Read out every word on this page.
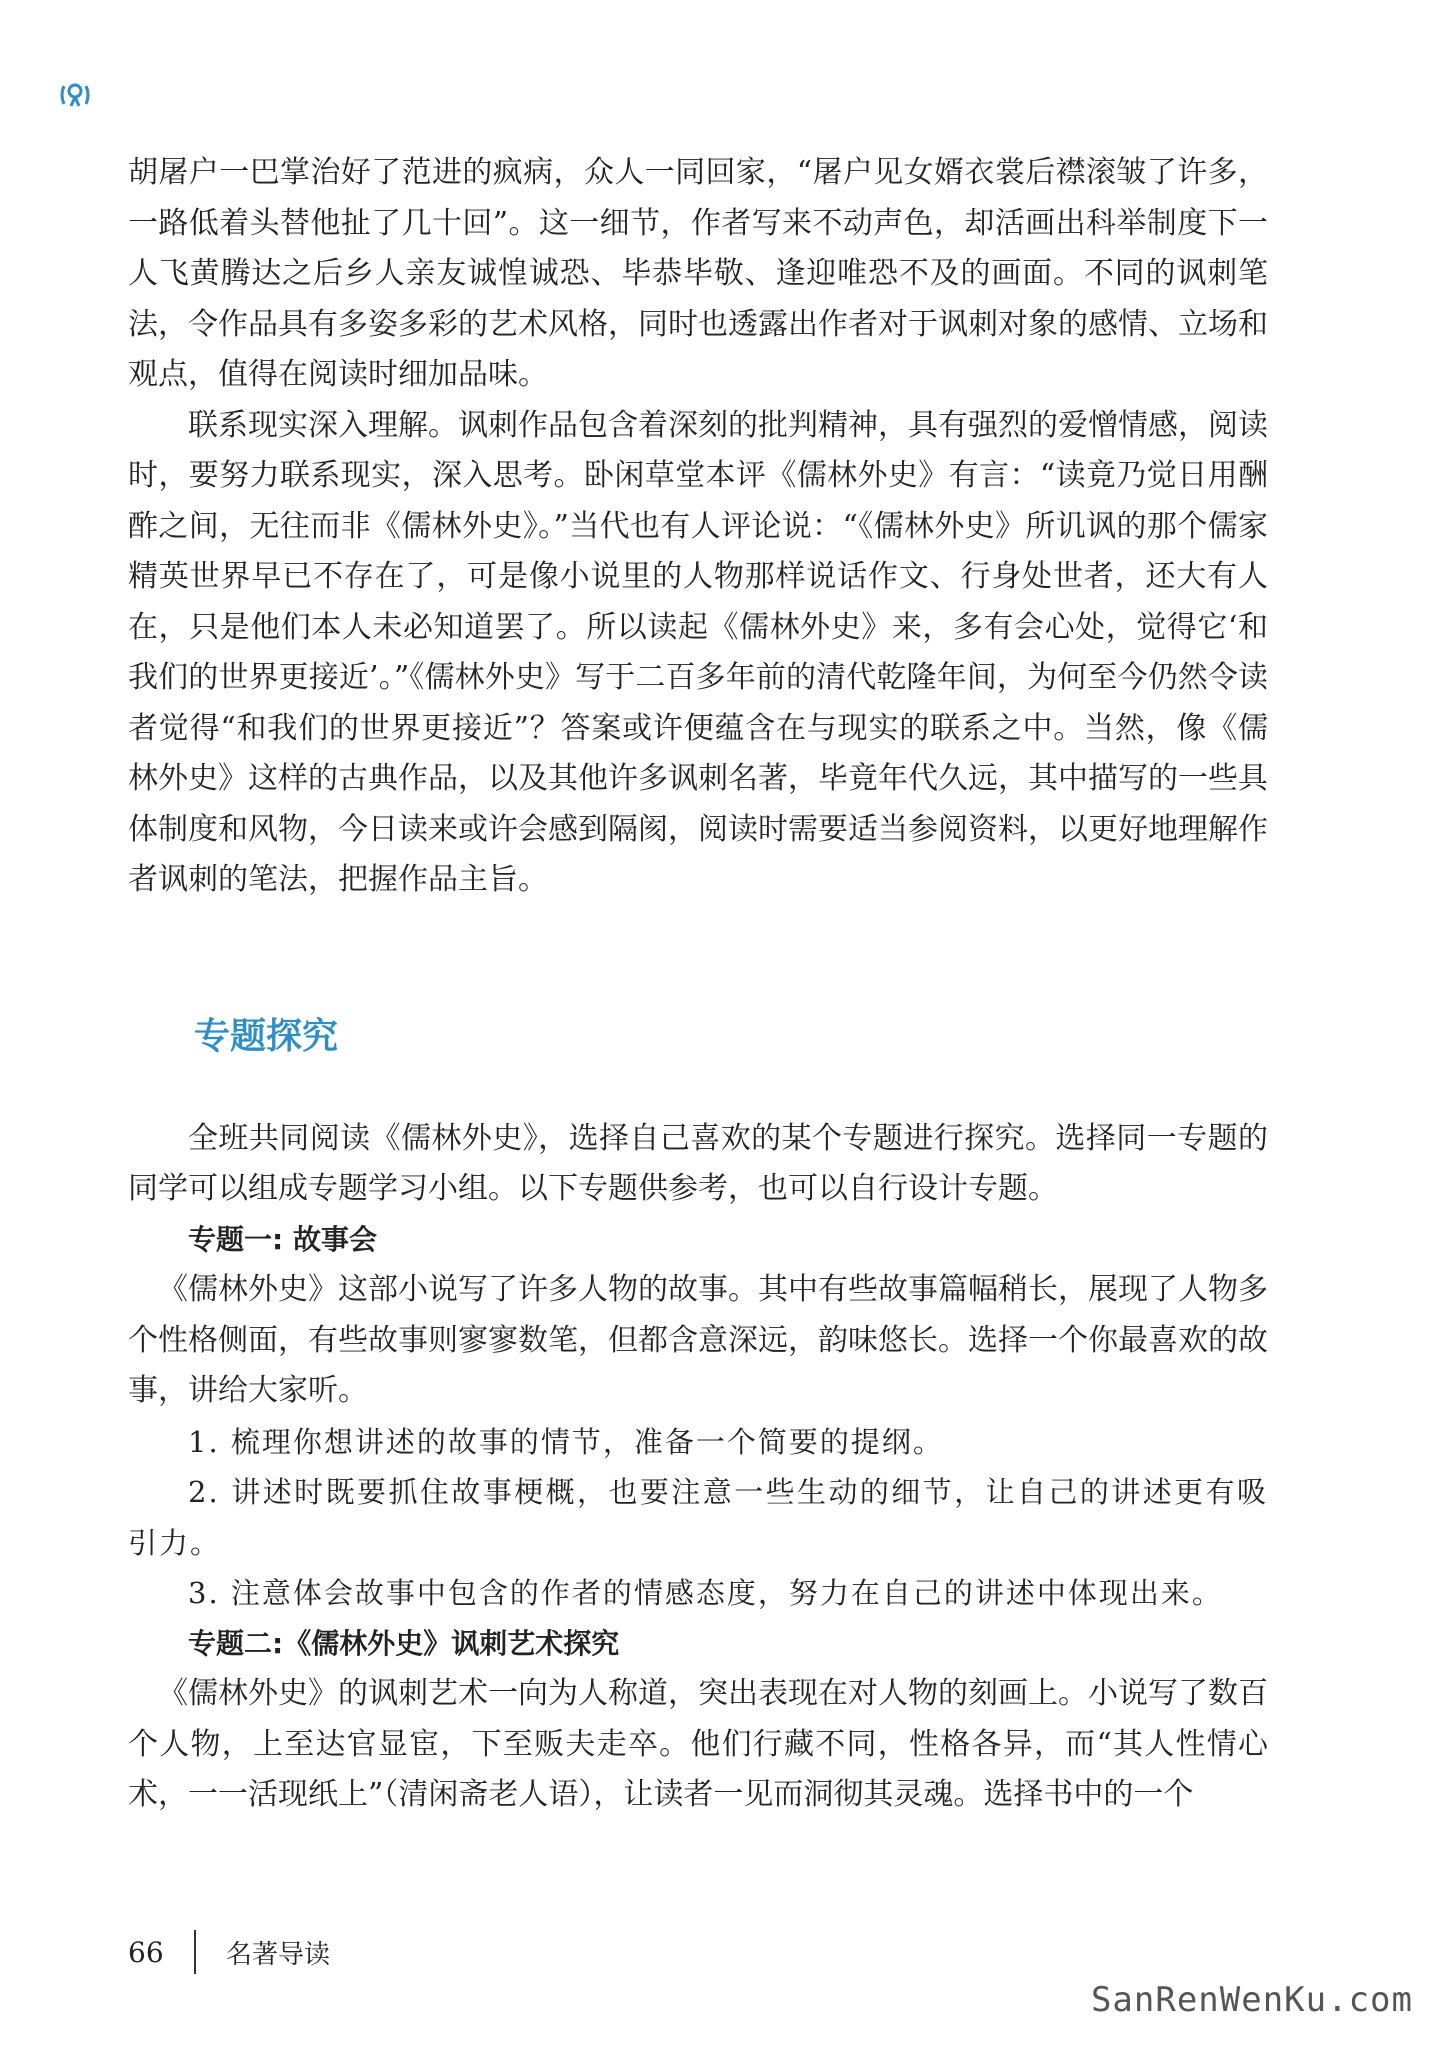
胡屠户一巴掌治好了范进的疯病，众人一同回家，“屠户见女婿衣裳后襟滚皱了许多，一路低着头替他扯了几十回”。这一细节，作者写来不动声色，却活画出科举制度下一人飞黄腾达之后乡人亲友诚惶诚恐、毕恭毕敬、逢迎唯恐不及的画面。不同的讽刺笔法，令作品具有多姿多彩的艺术风格，同时也透露出作者对于讽刺对象的感情、立场和观点，值得在阅读时细加品味。

联系现实深入理解。讽刺作品包含着深刻的批判精神，具有强烈的爱憎情感，阅读时，要努力联系现实，深入思考。卧闲草堂本评《儒林外史》有言：“读竟乃觉日用酬酢之间，无往而非《儒林外史》。”当代也有人评论说：“《儒林外史》所讥讽的那个儒家精英世界早已不存在了，可是像小说里的人物那样说话作文、行身处世者，还大有人在，只是他们本人未必知道罢了。所以读起《儒林外史》来，多有会心处，觉得它‘和我们的世界更接近’。”《儒林外史》写于二百多年前的清代乾隆年间，为何至今仍然令读者觉得“和我们的世界更接近”？答案或许便蕴含在与现实的联系之中。当然，像《儒林外史》这样的古典作品，以及其他许多讽刺名著，毕竟年代久远，其中描写的一些具体制度和风物，今日读来或许会感到隔阂，阅读时需要适当参阅资料，以更好地理解作者讽刺的笔法，把握作品主旨。

专题探究

全班共同阅读《儒林外史》，选择自己喜欢的某个专题进行探究。选择同一专题的同学可以组成专题学习小组。以下专题供参考，也可以自行设计专题。

专题一: 故事会

《儒林外史》这部小说写了许多人物的故事。其中有些故事篇幅稍长，展现了人物多个性格侧面，有些故事则寥寥数笔，但都含意深远，韵味悠长。选择一个你最喜欢的故事，讲给大家听。

1. 梳理你想讲述的故事的情节，准备一个简要的提纲。

2. 讲述时既要抓住故事梗概，也要注意一些生动的细节，让自己的讲述更有吸引力。

3. 注意体会故事中包含的作者的情感态度，努力在自己的讲述中体现出来。

专题二:《儒林外史》讽刺艺术探究

《儒林外史》的讽刺艺术一向为人称道，突出表现在对人物的刻画上。小说写了数百个人物，上至达官显宦，下至贩夫走卒。他们行藏不同，性格各异，而“其人性情心术，一一活现纸上”（清闲斋老人语），让读者一见而洞彻其灵魂。选择书中的一个

66 名著导读
SanRenWenKu.com
